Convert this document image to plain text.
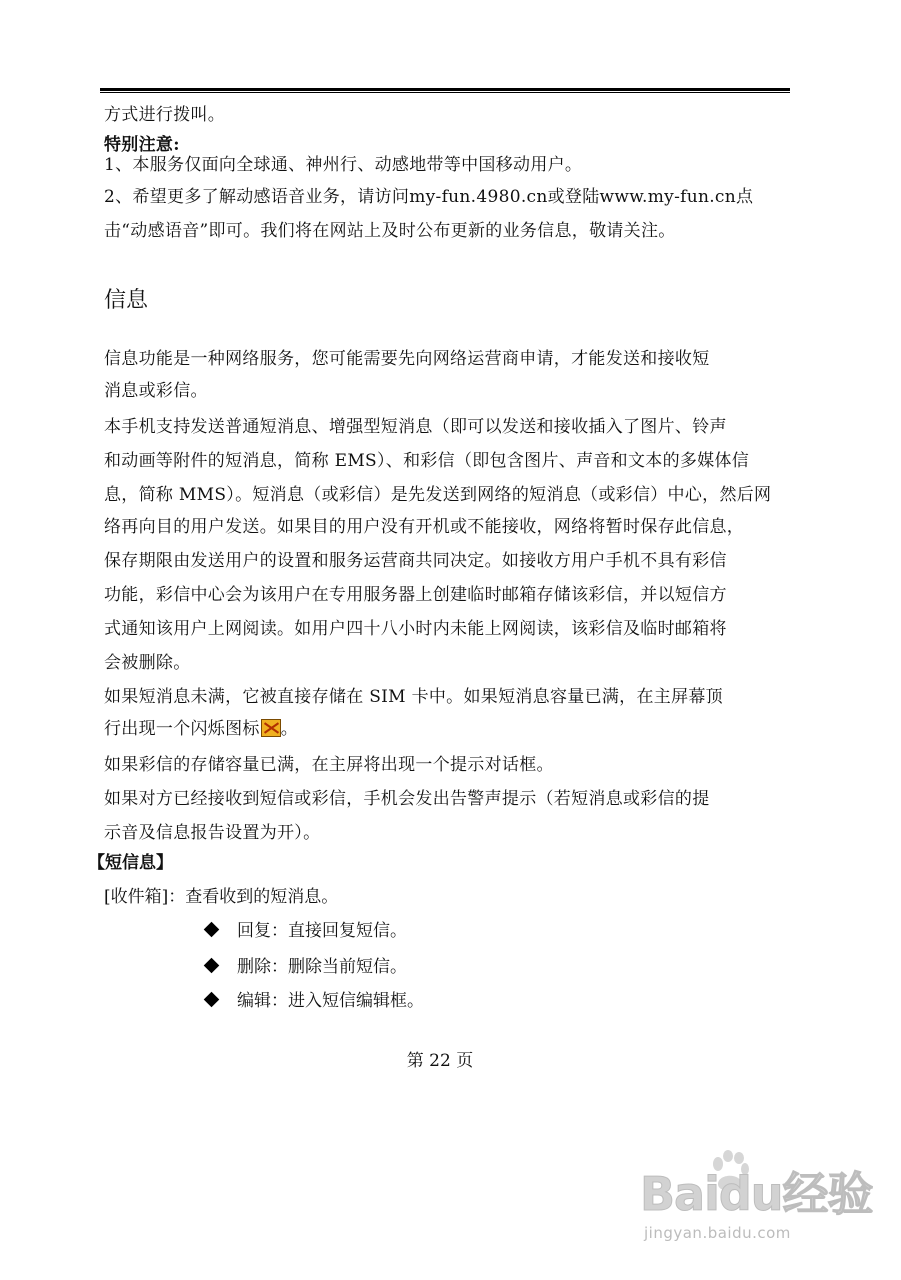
方式进行拨叫。
特别注意:
1、本服务仅面向全球通、神州行、动感地带等中国移动用户。
2、希望更多了解动感语音业务，请访问my-fun.4980.cn或登陆www.my-fun.cn点
击“动感语音”即可。我们将在网站上及时公布更新的业务信息，敬请关注。
信息
信息功能是一种网络服务，您可能需要先向网络运营商申请，才能发送和接收短
消息或彩信。
本手机支持发送普通短消息、增强型短消息（即可以发送和接收插入了图片、铃声
和动画等附件的短消息，简称 EMS）、和彩信（即包含图片、声音和文本的多媒体信
息，简称 MMS）。短消息（或彩信）是先发送到网络的短消息（或彩信）中心，然后网
络再向目的用户发送。如果目的用户没有开机或不能接收，网络将暂时保存此信息，
保存期限由发送用户的设置和服务运营商共同决定。如接收方用户手机不具有彩信
功能，彩信中心会为该用户在专用服务器上创建临时邮箱存储该彩信，并以短信方
式通知该用户上网阅读。如用户四十八小时内未能上网阅读，该彩信及临时邮箱将
会被删除。
如果短消息未满，它被直接存储在 SIM 卡中。如果短消息容量已满，在主屏幕顶
行出现一个闪烁图标 。
如果彩信的存储容量已满，在主屏将出现一个提示对话框。
如果对方已经接收到短信或彩信，手机会发出告警声提示（若短消息或彩信的提
示音及信息报告设置为开）。
【短信息】
[收件箱]：查看收到的短消息。
回复：直接回复短信。
删除：删除当前短信。
编辑：进入短信编辑框。
第 22 页
Baidu经验
jingyan.baidu.com
